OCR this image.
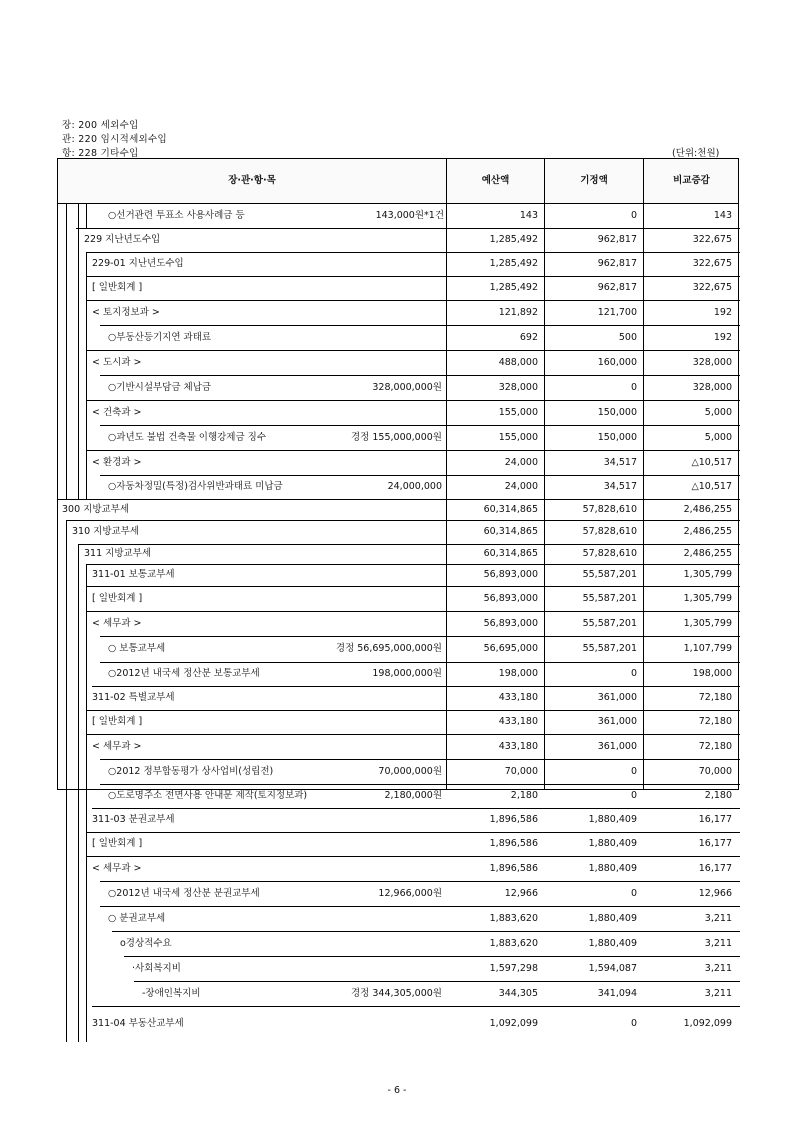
장: 200 세외수입
관: 220 임시적세외수입
항: 228 기타수입	(단위:천원)
장·관·항·목	예산액	기정액	비교증감
○선거관련 투표소 사용사례금 등	143,000원*1건	143	0	143
229 지난년도수입	1,285,492	962,817	322,675
229-01 지난년도수입	1,285,492	962,817	322,675
[ 일반회계 ]	1,285,492	962,817	322,675
< 토지정보과 >	121,892	121,700	192
○부동산등기지연 과태료	692	500	192
< 도시과 >	488,000	160,000	328,000
○기반시설부담금 체납금	328,000,000원	328,000	0	328,000
< 건축과 >	155,000	150,000	5,000
○과년도 불법 건축물 이행강제금 징수	경정 155,000,000원	155,000	150,000	5,000
< 환경과 >	24,000	34,517	△10,517
○자동차정밀(특정)검사위반과태료 미납금	24,000,000	24,000	34,517	△10,517
300 지방교부세	60,314,865	57,828,610	2,486,255
310 지방교부세	60,314,865	57,828,610	2,486,255
311 지방교부세	60,314,865	57,828,610	2,486,255
311-01 보통교부세	56,893,000	55,587,201	1,305,799
[ 일반회계 ]	56,893,000	55,587,201	1,305,799
< 세무과 >	56,893,000	55,587,201	1,305,799
○ 보통교부세	경정 56,695,000,000원	56,695,000	55,587,201	1,107,799
○2012년 내국세 정산분 보통교부세	198,000,000원	198,000	0	198,000
311-02 특별교부세	433,180	361,000	72,180
[ 일반회계 ]	433,180	361,000	72,180
< 세무과 >	433,180	361,000	72,180
○2012 정부합동평가 상사업비(성립전)	70,000,000원	70,000	0	70,000
○도로명주소 전면사용 안내문 제작(토지정보과)	2,180,000원	2,180	0	2,180
311-03 분권교부세	1,896,586	1,880,409	16,177
[ 일반회계 ]	1,896,586	1,880,409	16,177
< 세무과 >	1,896,586	1,880,409	16,177
○2012년 내국세 정산분 분권교부세	12,966,000원	12,966	0	12,966
○ 분권교부세	1,883,620	1,880,409	3,211
o경상적수요	1,883,620	1,880,409	3,211
·사회복지비	1,597,298	1,594,087	3,211
-장애인복지비	경정 344,305,000원	344,305	341,094	3,211
311-04 부동산교부세	1,092,099	0	1,092,099
- 6 -
